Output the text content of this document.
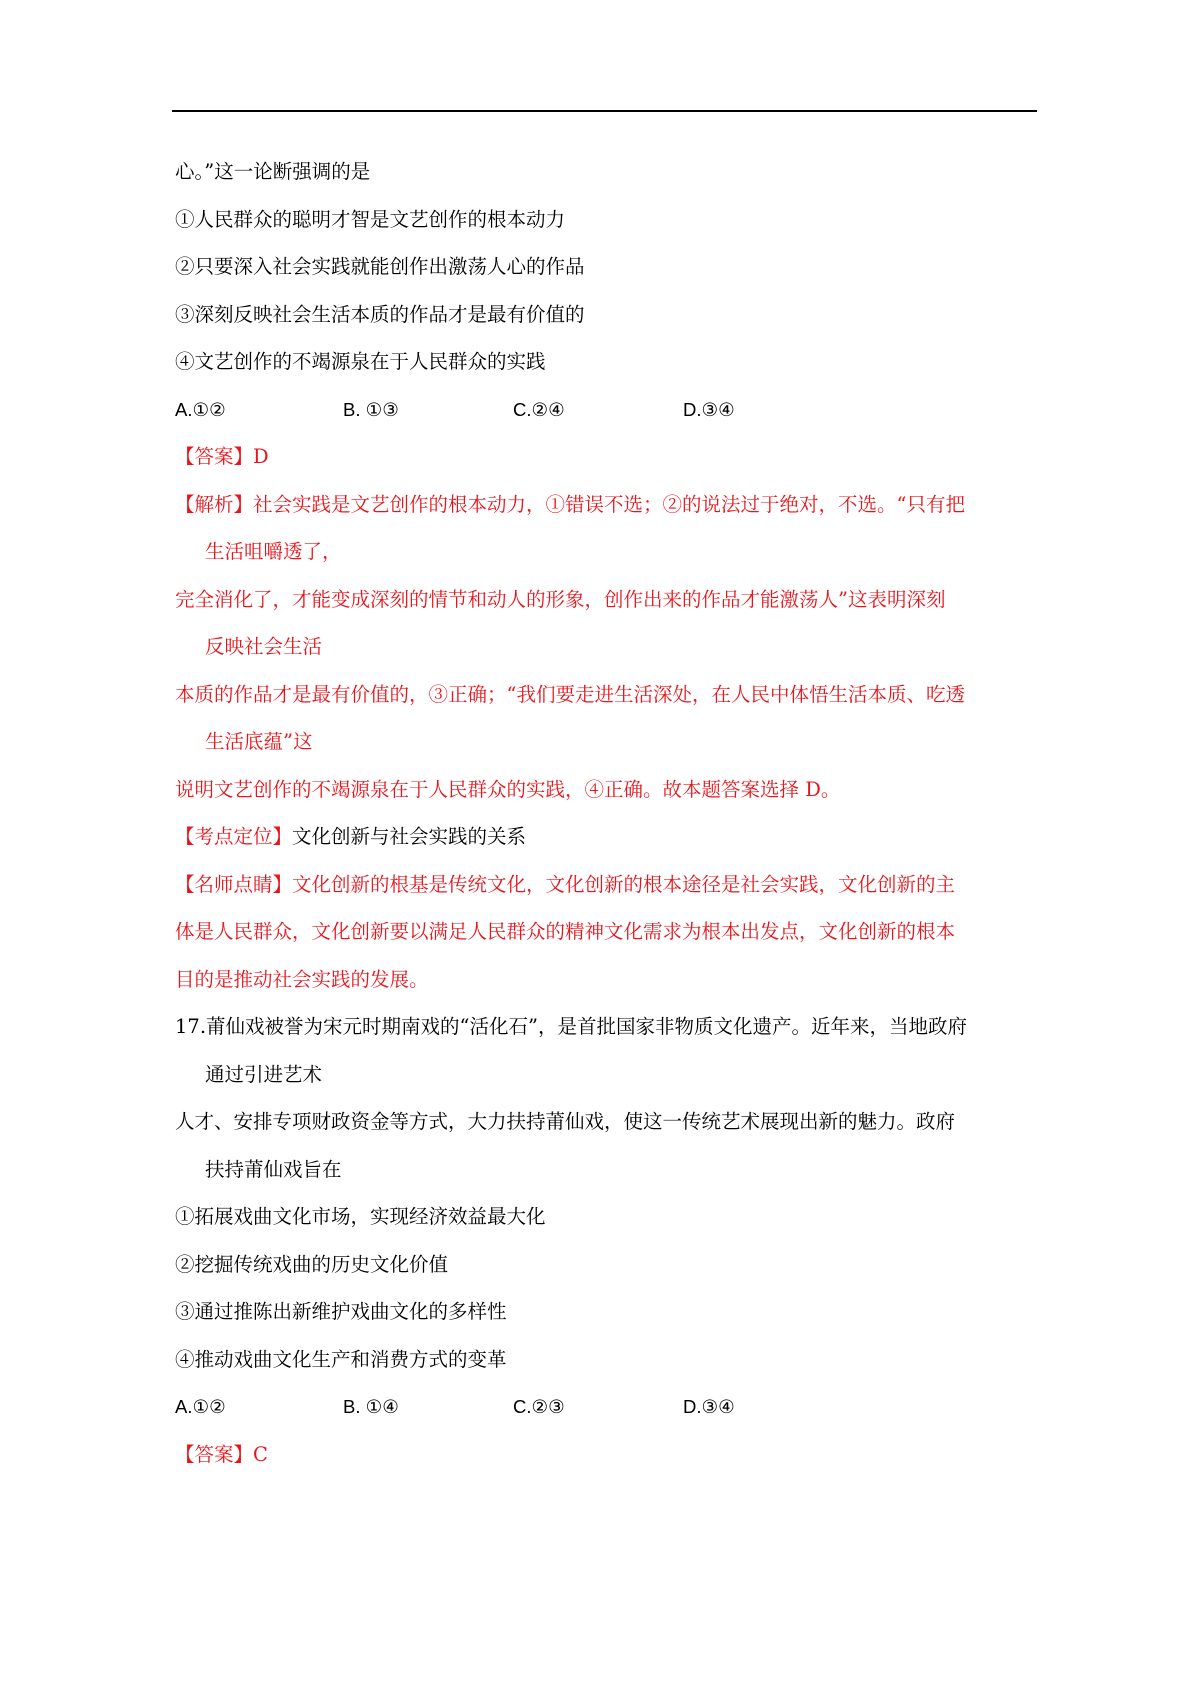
心。”这一论断强调的是
①人民群众的聪明才智是文艺创作的根本动力
②只要深入社会实践就能创作出激荡人心的作品
③深刻反映社会生活本质的作品才是最有价值的
④文艺创作的不竭源泉在于人民群众的实践
A.①②	B. ①③	C.②④	D.③④
【答案】D
【解析】社会实践是文艺创作的根本动力，①错误不选；②的说法过于绝对，不选。“只有把
生活咀嚼透了，
完全消化了，才能变成深刻的情节和动人的形象，创作出来的作品才能激荡人”这表明深刻
反映社会生活
本质的作品才是最有价值的，③正确；“我们要走进生活深处，在人民中体悟生活本质、吃透
生活底蕴”这
说明文艺创作的不竭源泉在于人民群众的实践，④正确。故本题答案选择 D。
【考点定位】文化创新与社会实践的关系
【名师点睛】文化创新的根基是传统文化，文化创新的根本途径是社会实践，文化创新的主
体是人民群众，文化创新要以满足人民群众的精神文化需求为根本出发点，文化创新的根本
目的是推动社会实践的发展。
17.莆仙戏被誉为宋元时期南戏的“活化石”，是首批国家非物质文化遗产。近年来，当地政府
通过引进艺术
人才、安排专项财政资金等方式，大力扶持莆仙戏，使这一传统艺术展现出新的魅力。政府
扶持莆仙戏旨在
①拓展戏曲文化市场，实现经济效益最大化
②挖掘传统戏曲的历史文化价值
③通过推陈出新维护戏曲文化的多样性
④推动戏曲文化生产和消费方式的变革
A.①②	B. ①④	C.②③	D.③④
【答案】C
